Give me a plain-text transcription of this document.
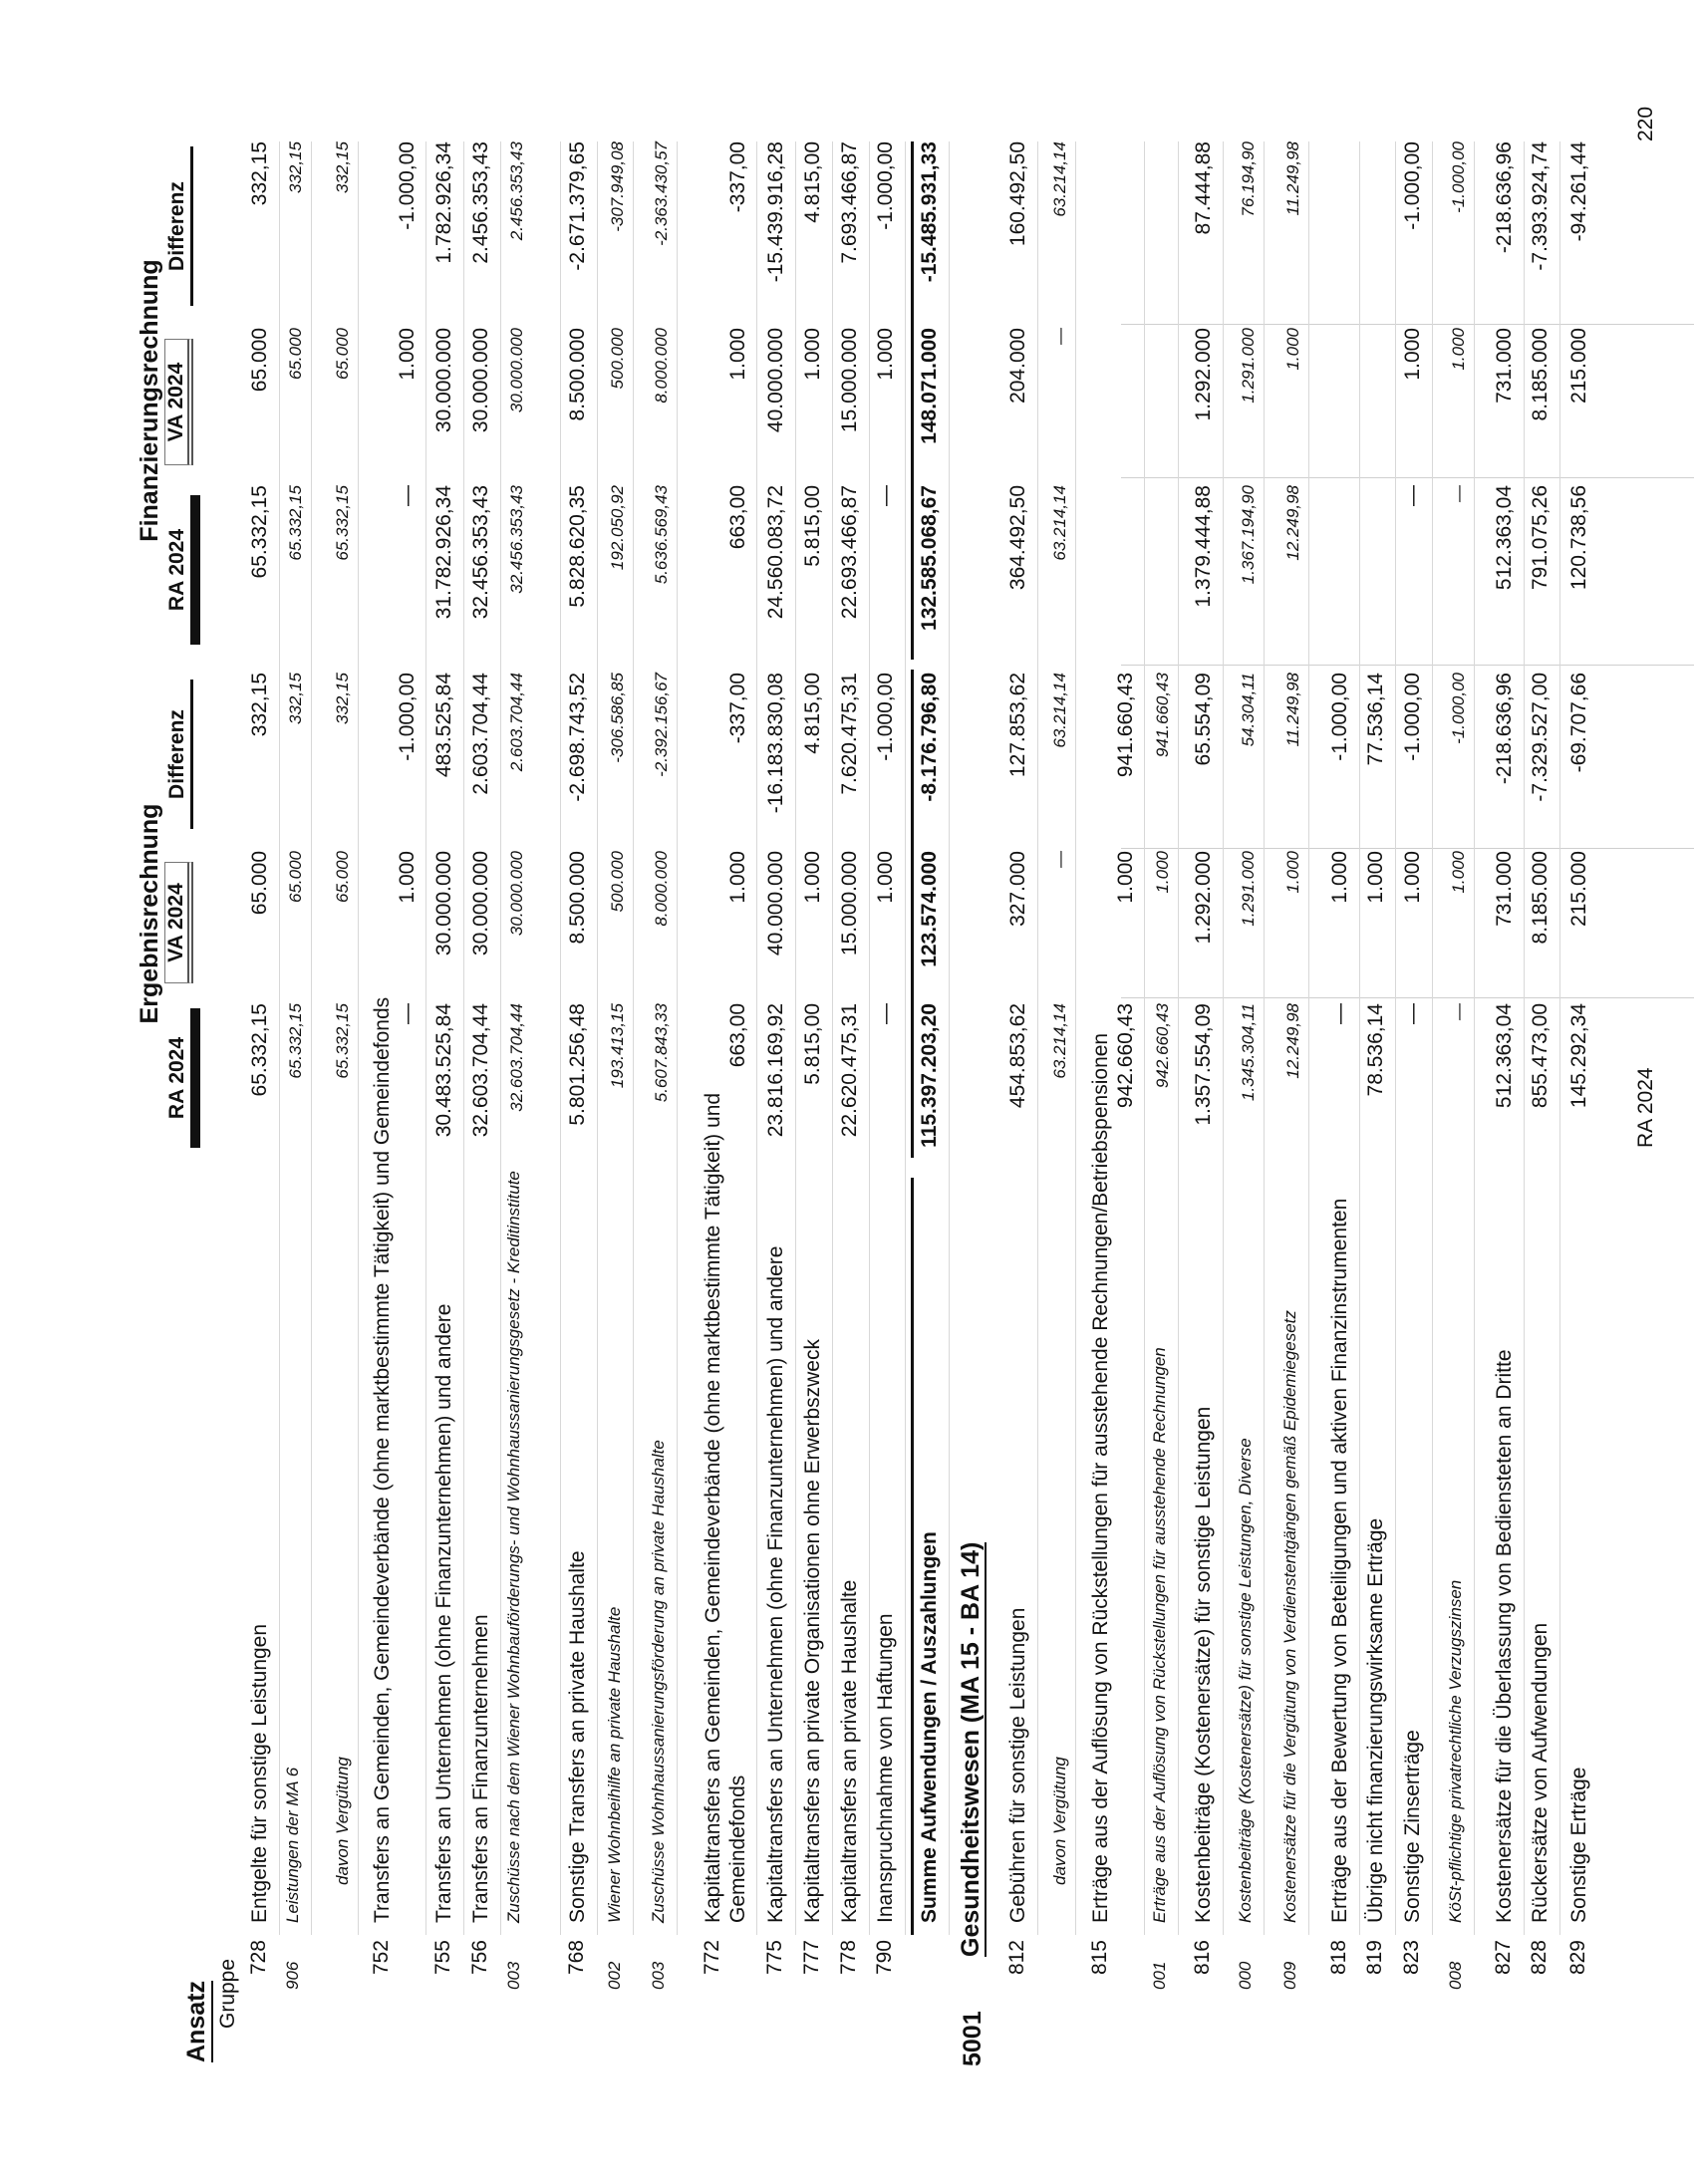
Ansatz Gruppe
Ergebnisrechnung
Finanzierungsrechnung
RA 2024
VA 2024
Differenz
RA 2024
VA 2024
Differenz
728
Entgelte für sonstige Leistungen
65.332,15
65.000
332,15
65.332,15
65.000
332,15
906
Leistungen der MA 6
65.332,15
65.000
332,15
65.332,15
65.000
332,15
davon Vergütung
65.332,15
65.000
332,15
65.332,15
65.000
332,15
752
Transfers an Gemeinden, Gemeindeverbände (ohne marktbestimmte Tätigkeit) und Gemeindefonds —
1.000
-1.000,00
—
1.000
-1.000,00
755
Transfers an Unternehmen (ohne Finanzunternehmen) und andere
30.483.525,84
30.000.000
483.525,84
31.782.926,34
30.000.000
1.782.926,34
756
Transfers an Finanzunternehmen
32.603.704,44
30.000.000
2.603.704,44
32.456.353,43
30.000.000
2.456.353,43
003
Zuschüsse nach dem Wiener Wohnbauförderungs- und Wohnhaussanierungsgesetz - Kreditinstitute
32.603.704,44
30.000.000
2.603.704,44
32.456.353,43
30.000.000
2.456.353,43
768
Sonstige Transfers an private Haushalte
5.801.256,48
8.500.000
-2.698.743,52
5.828.620,35
8.500.000
-2.671.379,65
002
Wiener Wohnbeihilfe an private Haushalte
193.413,15
500.000
-306.586,85
192.050,92
500.000
-307.949,08
003
Zuschüsse Wohnhaussanierungsförderung an private Haushalte
5.607.843,33
8.000.000
-2.392.156,67
5.636.569,43
8.000.000
-2.363.430,57
772
Kapitaltransfers an Gemeinden, Gemeindeverbände (ohne marktbestimmte Tätigkeit) und Gemeindefonds
663,00
1.000
-337,00
663,00
1.000
-337,00
775
Kapitaltransfers an Unternehmen (ohne Finanzunternehmen) und andere
23.816.169,92
40.000.000
-16.183.830,08
24.560.083,72
40.000.000
-15.439.916,28
777
Kapitaltransfers an private Organisationen ohne Erwerbszweck
5.815,00
1.000
4.815,00
5.815,00
1.000
4.815,00
778
Kapitaltransfers an private Haushalte
22.620.475,31
15.000.000
7.620.475,31
22.693.466,87
15.000.000
7.693.466,87
790
Inanspruchnahme von Haftungen
—
1.000
-1.000,00
—
1.000
-1.000,00
Summe Aufwendungen / Auszahlungen
115.397.203,20
123.574.000
-8.176.796,80
132.585.068,67
148.071.000
-15.485.931,33
5001
Gesundheitswesen (MA 15 - BA 14)
812
Gebühren für sonstige Leistungen
454.853,62
327.000
127.853,62
364.492,50
204.000
160.492,50
davon Vergütung
63.214,14
—
63.214,14
63.214,14
—
63.214,14
815
Erträge aus der Auflösung von Rückstellungen für ausstehende Rechnungen/Betriebspensionen 942.660,43
1.000
941.660,43
001
Erträge aus der Auflösung von Rückstellungen für ausstehende Rechnungen
942.660,43
1.000
941.660,43
816
Kostenbeiträge (Kostenersätze) für sonstige Leistungen
1.357.554,09
1.292.000
65.554,09
1.379.444,88
1.292.000
87.444,88
000
Kostenbeiträge (Kostenersätze) für sonstige Leistungen, Diverse
1.345.304,11
1.291.000
54.304,11
1.367.194,90
1.291.000
76.194,90
009
Kostenersätze für die Vergütung von Verdienstentgängen gemäß Epidemiegesetz
12.249,98
1.000
11.249,98
12.249,98
1.000
11.249,98
818
Erträge aus der Bewertung von Beteiligungen und aktiven Finanzinstrumenten
—
1.000
-1.000,00
819
Übrige nicht finanzierungswirksame Erträge
78.536,14
1.000
77.536,14
823
Sonstige Zinserträge
—
1.000
-1.000,00
—
1.000
-1.000,00
008
KöSt-pflichtige privatrechtliche Verzugszinsen
—
1.000
-1.000,00
—
1.000
-1.000,00
827
Kostenersätze für die Überlassung von Bediensteten an Dritte
512.363,04
731.000
-218.636,96
512.363,04
731.000
-218.636,96
828
Rückersätze von Aufwendungen
855.473,00
8.185.000
-7.329.527,00
791.075,26
8.185.000
-7.393.924,74
829
Sonstige Erträge
145.292,34
215.000
-69.707,66
120.738,56
215.000
-94.261,44
RA 2024
220
